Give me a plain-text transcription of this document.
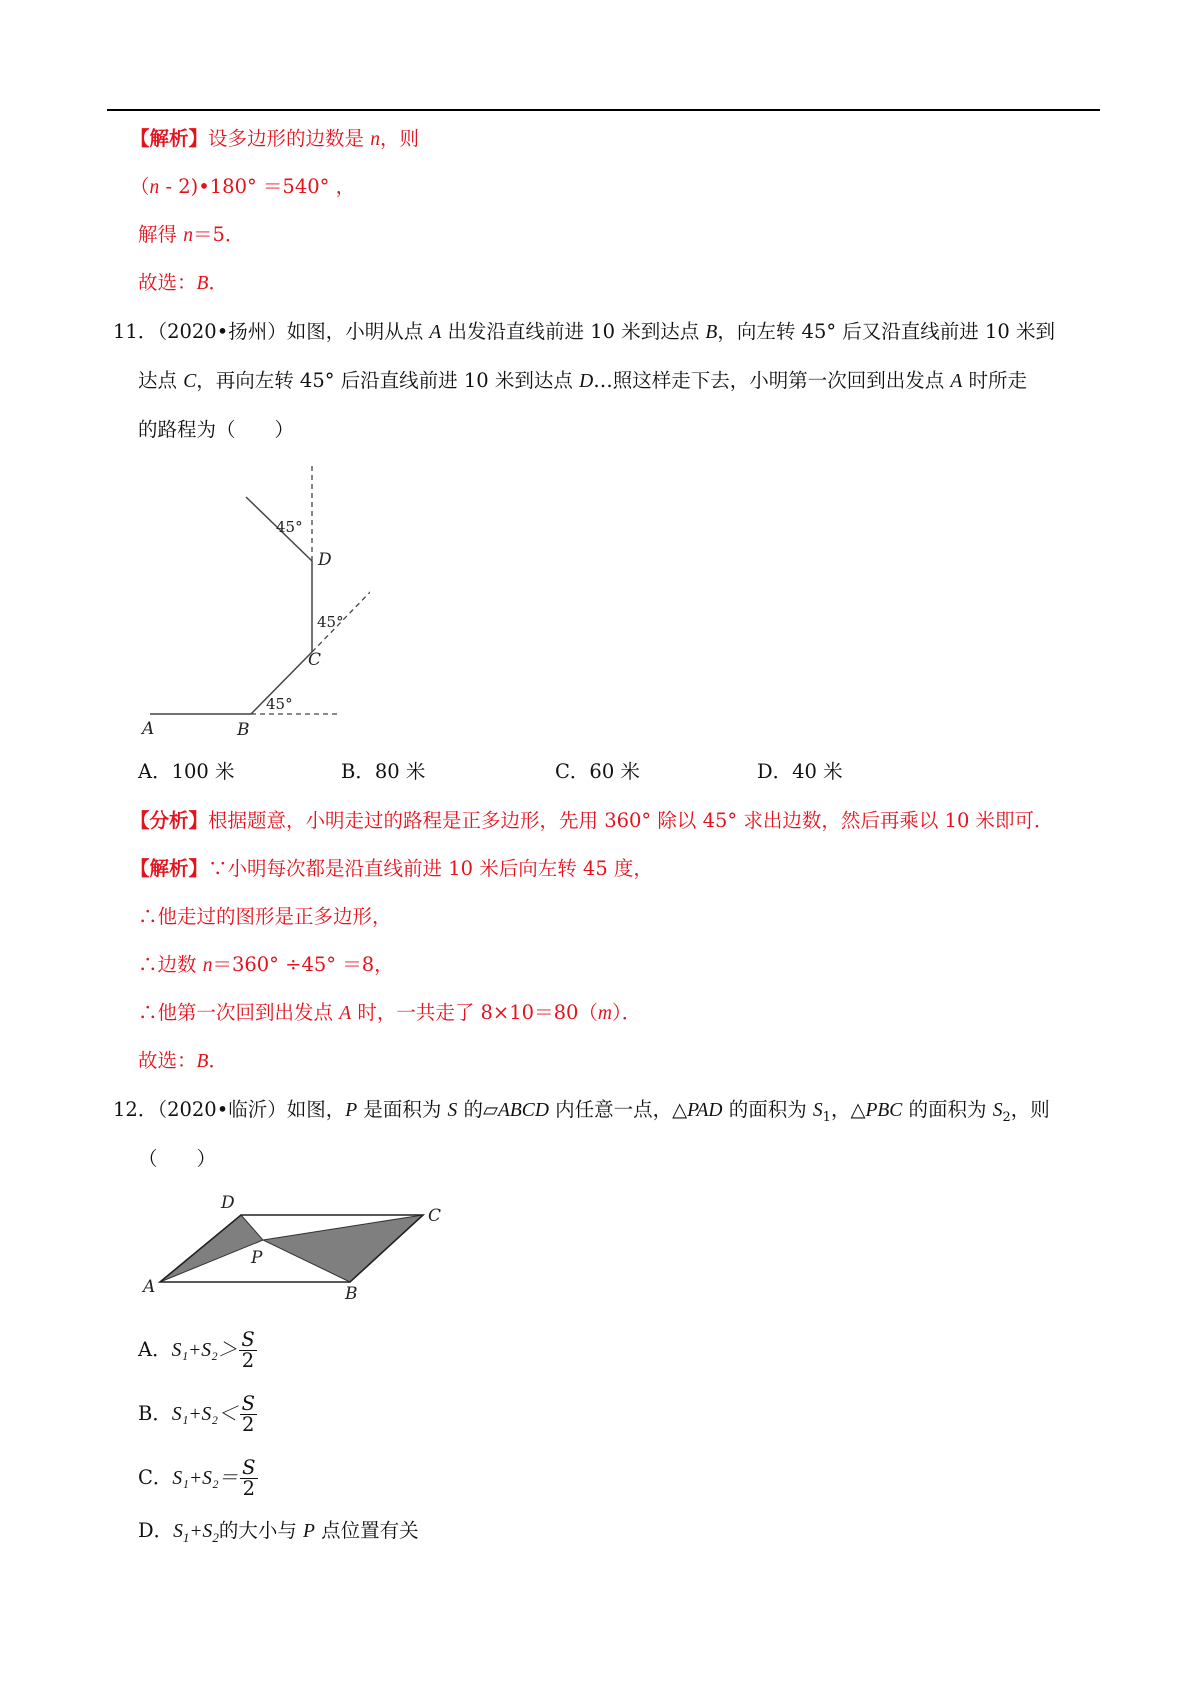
【解析】设多边形的边数是 n，则
（n - 2)•180° ＝540° ，
解得 n＝5．
故选：B．
11．（2020•扬州）如图，小明从点 A 出发沿直线前进 10 米到达点 B，向左转 45° 后又沿直线前进 10 米到
达点 C，再向左转 45° 后沿直线前进 10 米到达点 D…照这样走下去，小明第一次回到出发点 A 时所走
的路程为（　　）
A	B
C
D
45°
45°
45°
A．100 米	B．80 米	C．60 米	D．40 米
【分析】根据题意，小明走过的路程是正多边形，先用 360° 除以 45° 求出边数，然后再乘以 10 米即可．
【解析】∵小明每次都是沿直线前进 10 米后向左转 45 度，
∴他走过的图形是正多边形，
∴边数 n＝360° ÷45° ＝8，
∴他第一次回到出发点 A 时，一共走了 8×10＝80（m）．
故选：B．
12．（2020•临沂）如图，P 是面积为 S 的▱ABCD 内任意一点，△PAD 的面积为 $S_1$，△PBC 的面积为 $S_2$，则
（　　）
A	B
C
D
P
A．$S_1+S_2> \frac{S}{2}$
B．$S_1+S_2< \frac{S}{2}$
C．$S_1+S_2= \frac{S}{2}$
D．$S_1+S_2$的大小与 P 点位置有关
